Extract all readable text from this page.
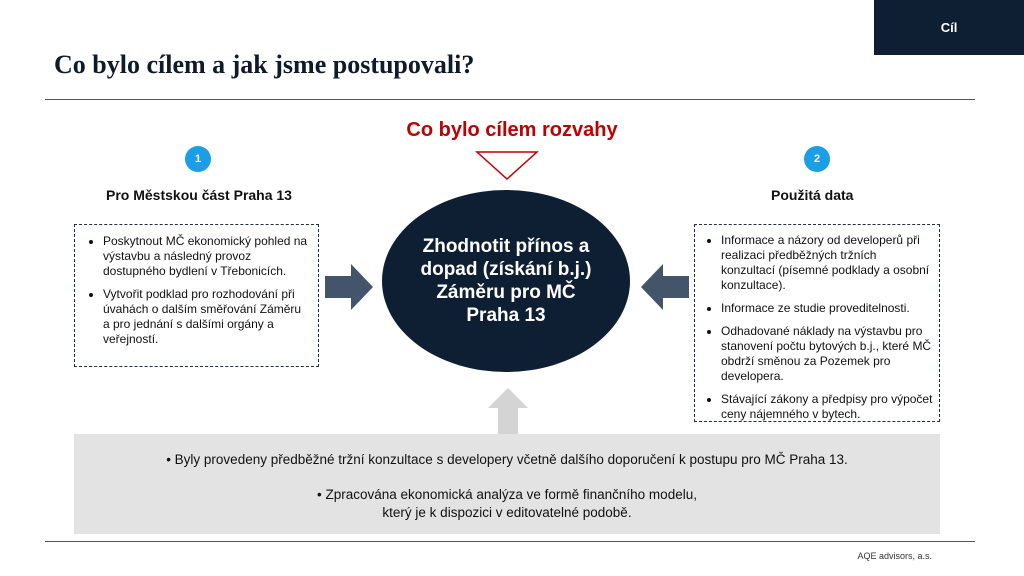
Cíl
Co bylo cílem a jak jsme postupovali?
Co bylo cílem rozvahy
1
Pro Městskou část Praha 13
• Poskytnout MČ ekonomický pohled na výstavbu a následný provoz dostupného bydlení v Třebonicích.
• Vytvořit podklad pro rozhodování při úvahách o dalším směřování Záměru a pro jednání s dalšími orgány a veřejností.
2
Použitá data
• Informace a názory od developerů při realizaci předběžných tržních konzultací (písemné podklady a osobní konzultace).
• Informace ze studie proveditelnosti.
• Odhadované náklady na výstavbu pro stanovení počtu bytových b.j., které MČ obdrží směnou za Pozemek pro developera.
• Stávající zákony a předpisy pro výpočet ceny nájemného v bytech.
Zhodnotit přínos a dopad (získání b.j.) Záměru pro MČ Praha 13
• Byly provedeny předběžné tržní konzultace s developery včetně dalšího doporučení k postupu pro MČ Praha 13.
• Zpracována ekonomická analýza ve formě finančního modelu,
který je k dispozici v editovatelné podobě.
AQE advisors, a.s.
